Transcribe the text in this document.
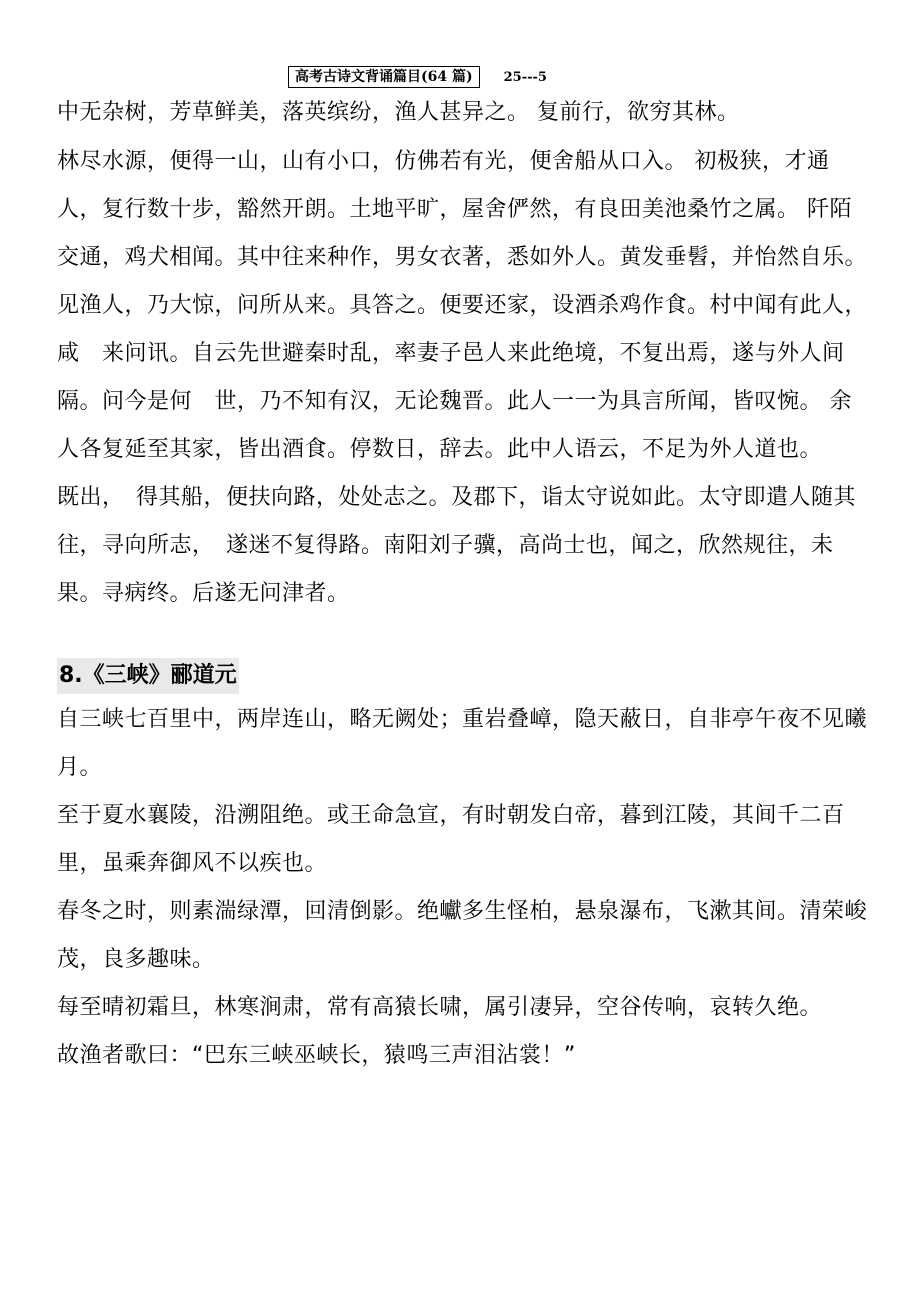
高考古诗文背诵篇目(64 篇)	25---5

中无杂树，芳草鲜美，落英缤纷，渔人甚异之。 复前行，欲穷其林。

林尽水源，便得一山，山有小口，仿佛若有光，便舍船从口入。 初极狭，才通人，复行数十步，豁然开朗。土地平旷，屋舍俨然，有良田美池桑竹之属。 阡陌交通，鸡犬相闻。其中往来种作，男女衣著，悉如外人。黄发垂髫，并怡然自乐。

见渔人，乃大惊，问所从来。具答之。便要还家，设酒杀鸡作食。村中闻有此人，咸　来问讯。自云先世避秦时乱，率妻子邑人来此绝境，不复出焉，遂与外人间隔。问今是何　世，乃不知有汉，无论魏晋。此人一一为具言所闻，皆叹惋。 余人各复延至其家，皆出酒食。停数日，辞去。此中人语云，不足为外人道也。

既出，　得其船，便扶向路，处处志之。及郡下，诣太守说如此。太守即遣人随其往，寻向所志，　遂迷不复得路。南阳刘子骥，高尚士也，闻之，欣然规往，未果。寻病终。后遂无问津者。

8.《三峡》郦道元

自三峡七百里中，两岸连山，略无阙处；重岩叠嶂，隐天蔽日，自非亭午夜不见曦月。

至于夏水襄陵，沿溯阻绝。或王命急宣，有时朝发白帝，暮到江陵，其间千二百里，虽乘奔御风不以疾也。

春冬之时，则素湍绿潭，回清倒影。绝巘多生怪柏，悬泉瀑布，飞漱其间。清荣峻茂，良多趣味。

每至晴初霜旦，林寒涧肃，常有高猿长啸，属引凄异，空谷传响，哀转久绝。

故渔者歌曰：“巴东三峡巫峡长，猿鸣三声泪沾裳！”
